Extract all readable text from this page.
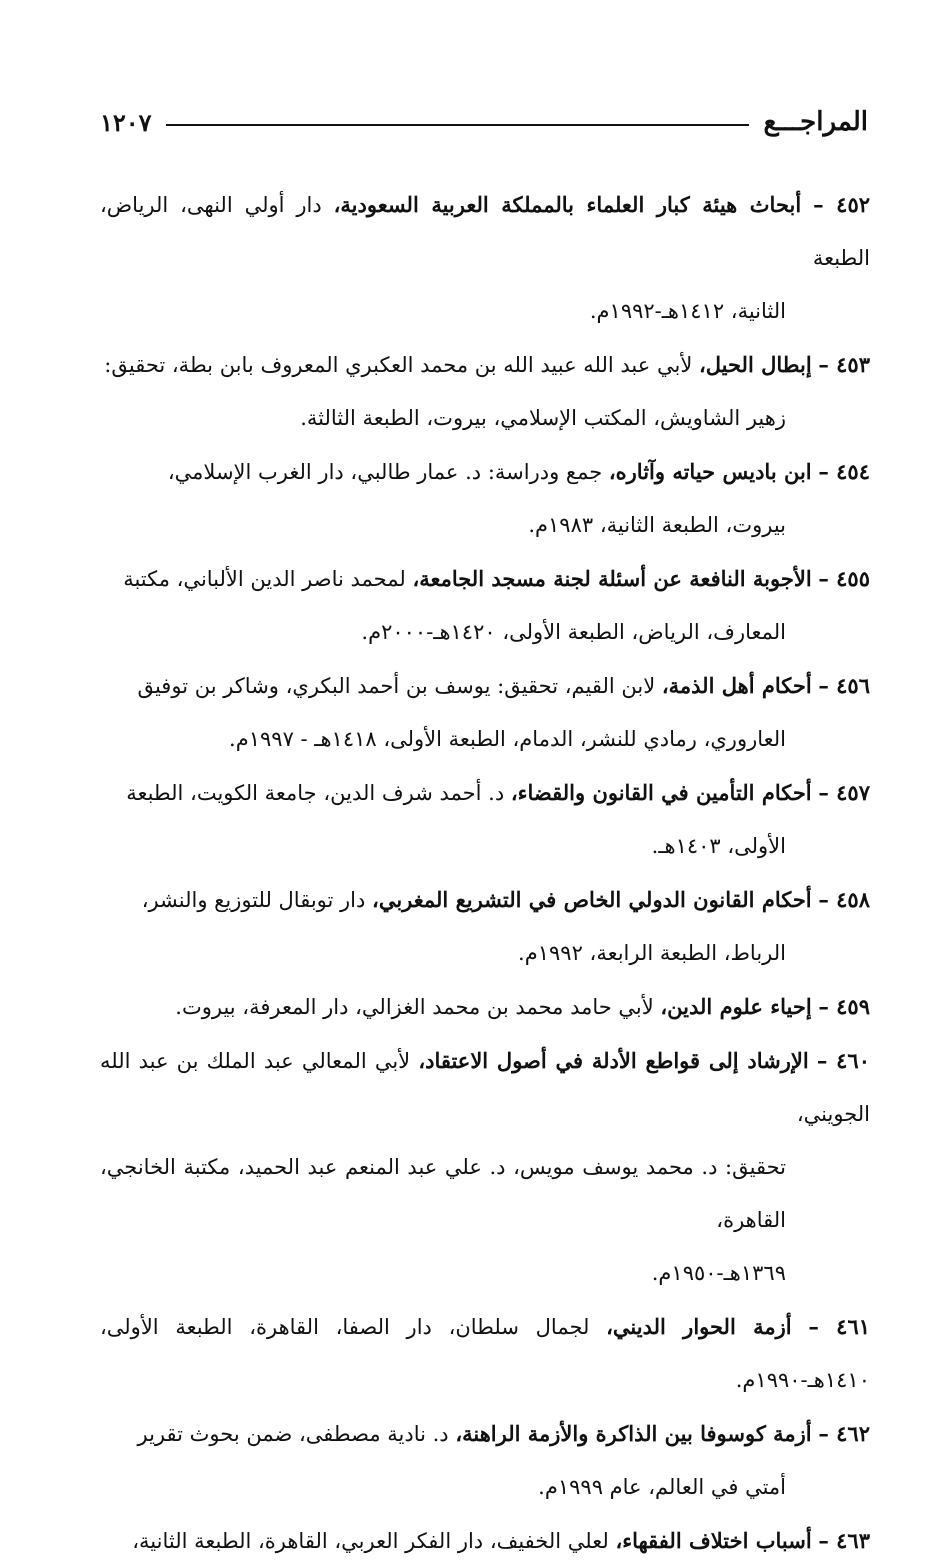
المراجـــع
١٢٠٧
٤٥٢ – أبحاث هيئة كبار العلماء بالمملكة العربية السعودية، دار أولي النهى، الرياض، الطبعة
الثانية، ١٤١٢هـ-١٩٩٢م.
٤٥٣ – إبطال الحيل، لأبي عبد الله عبيد الله بن محمد العكبري المعروف بابن بطة، تحقيق:
زهير الشاويش، المكتب الإسلامي، بيروت، الطبعة الثالثة.
٤٥٤ – ابن باديس حياته وآثاره، جمع ودراسة: د. عمار طالبي، دار الغرب الإسلامي،
بيروت، الطبعة الثانية، ١٩٨٣م.
٤٥٥ – الأجوبة النافعة عن أسئلة لجنة مسجد الجامعة، لمحمد ناصر الدين الألباني، مكتبة
المعارف، الرياض، الطبعة الأولى، ١٤٢٠هـ-٢٠٠٠م.
٤٥٦ – أحكام أهل الذمة، لابن القيم، تحقيق: يوسف بن أحمد البكري، وشاكر بن توفيق
العاروري، رمادي للنشر، الدمام، الطبعة الأولى، ١٤١٨هـ - ١٩٩٧م.
٤٥٧ – أحكام التأمين في القانون والقضاء، د. أحمد شرف الدين، جامعة الكويت، الطبعة
الأولى، ١٤٠٣هـ.
٤٥٨ – أحكام القانون الدولي الخاص في التشريع المغربي، دار توبقال للتوزيع والنشر،
الرباط، الطبعة الرابعة، ١٩٩٢م.
٤٥٩ – إحياء علوم الدين، لأبي حامد محمد بن محمد الغزالي، دار المعرفة، بيروت.
٤٦٠ – الإرشاد إلى قواطع الأدلة في أصول الاعتقاد، لأبي المعالي عبد الملك بن عبد الله الجويني،
تحقيق: د. محمد يوسف مويس، د. علي عبد المنعم عبد الحميد، مكتبة الخانجي، القاهرة،
١٣٦٩هـ-١٩٥٠م.
٤٦١ – أزمة الحوار الديني، لجمال سلطان، دار الصفا، القاهرة، الطبعة الأولى، ١٤١٠هـ-١٩٩٠م.
٤٦٢ – أزمة كوسوفا بين الذاكرة والأزمة الراهنة، د. نادية مصطفى، ضمن بحوث تقرير
أمتي في العالم، عام ١٩٩٩م.
٤٦٣ – أسباب اختلاف الفقهاء، لعلي الخفيف، دار الفكر العربي، القاهرة، الطبعة الثانية،
